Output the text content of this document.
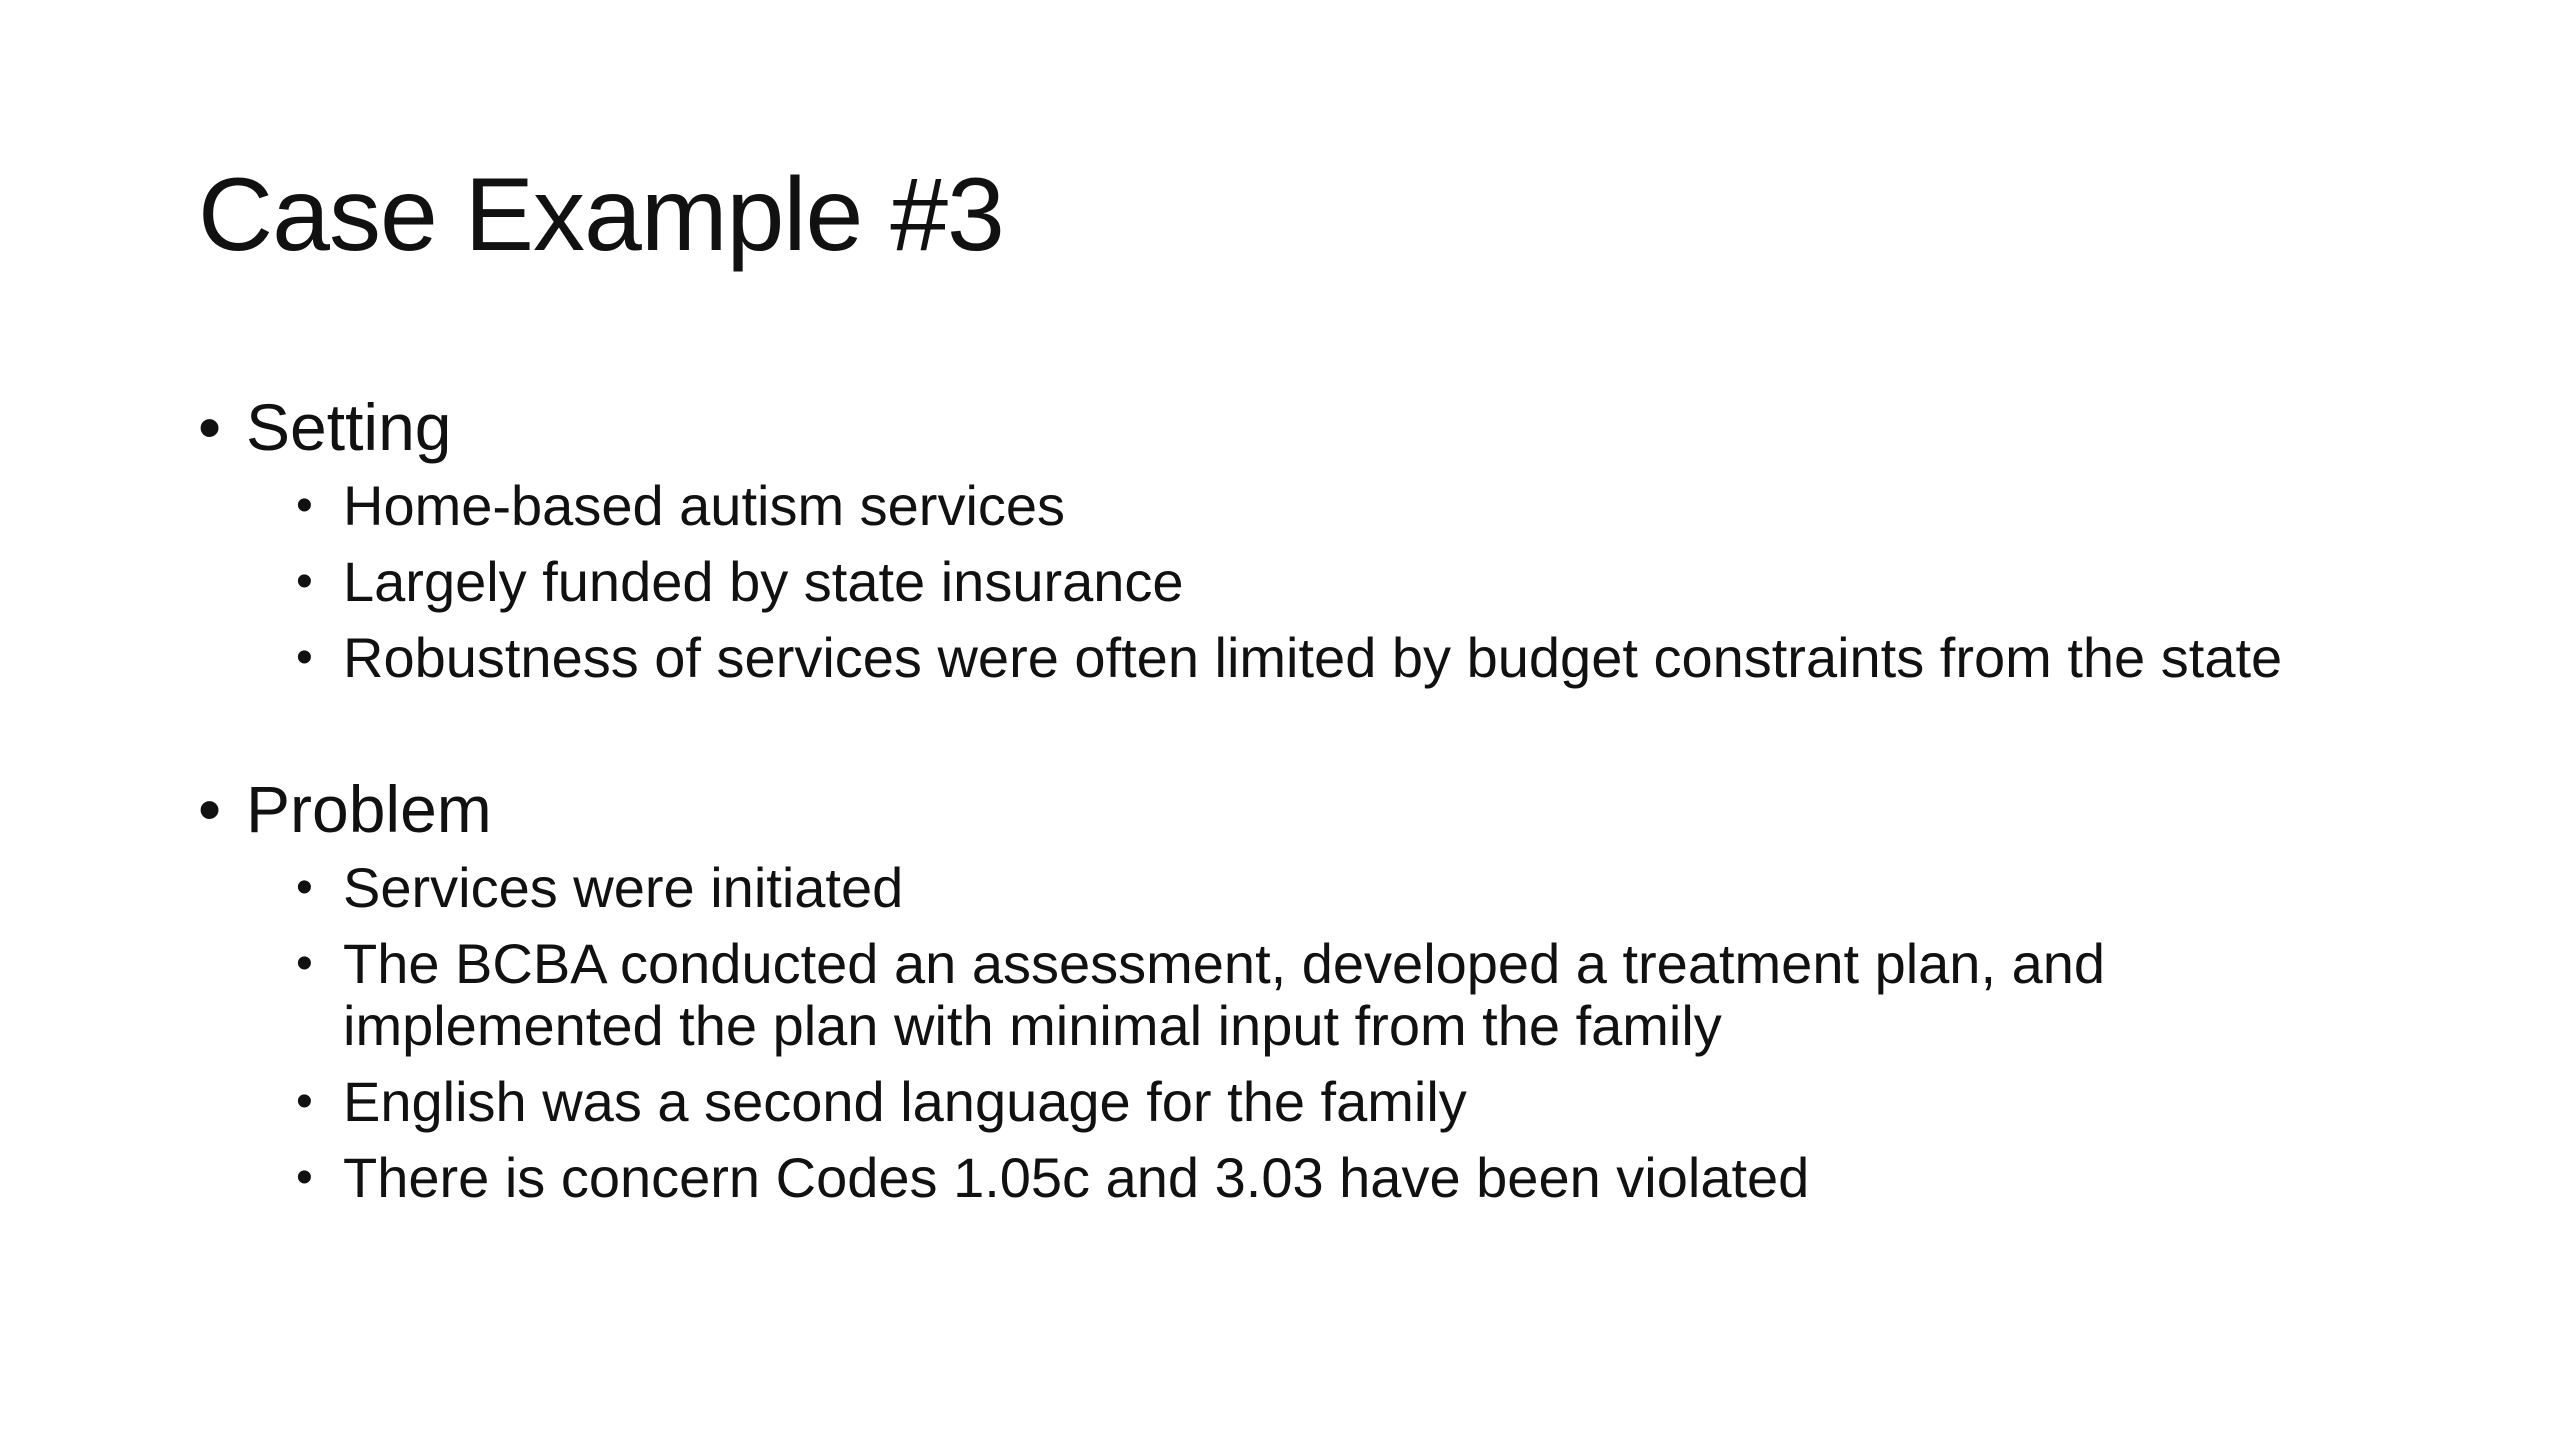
Case Example #3
• Setting
• Home-based autism services
• Largely funded by state insurance
• Robustness of services were often limited by budget constraints from the state
• Problem
• Services were initiated
• The BCBA conducted an assessment, developed a treatment plan, and implemented the plan with minimal input from the family
• English was a second language for the family
• There is concern Codes 1.05c and 3.03 have been violated
